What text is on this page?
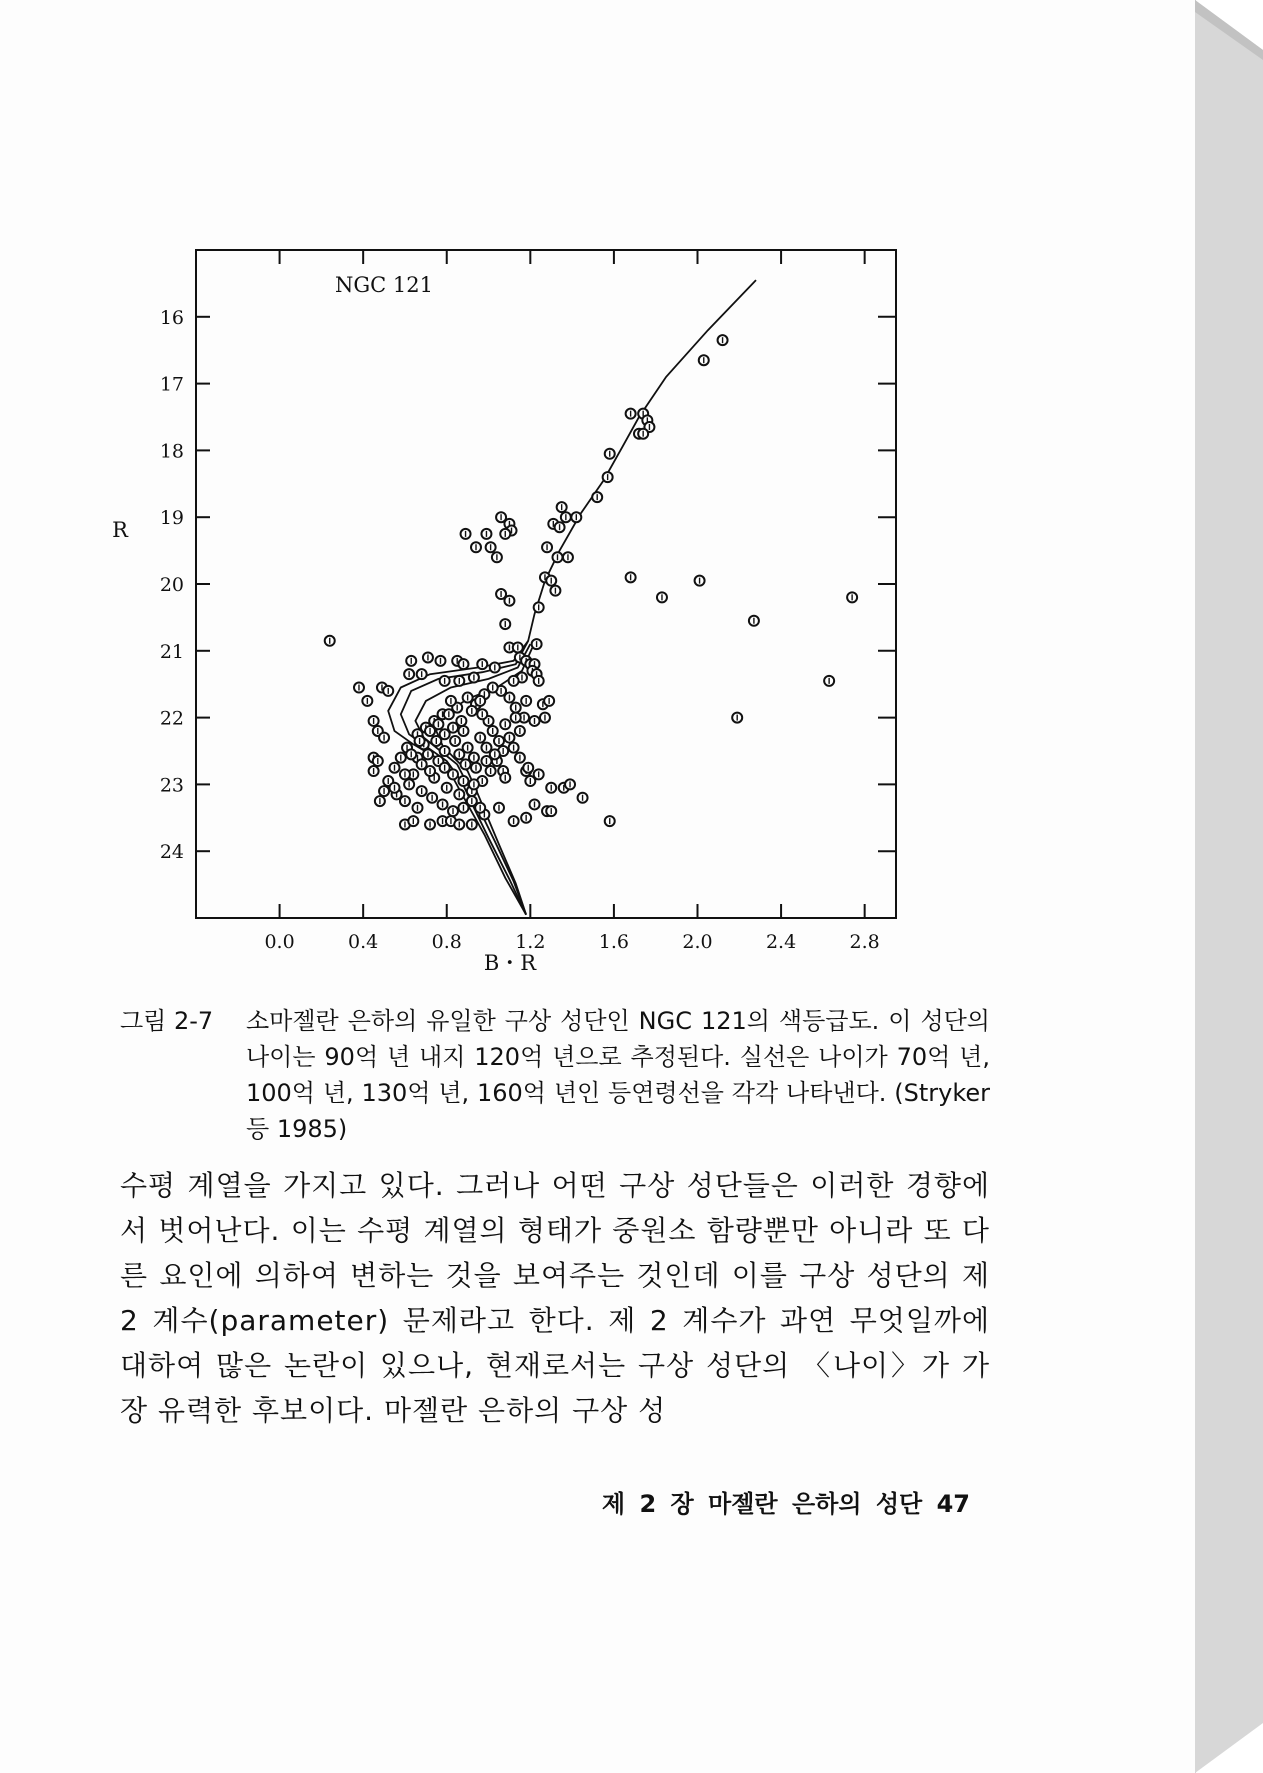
NGC 121
0.0	0.4	0.8	1.2	1.6	2.0	2.4	2.8
16
17
18
19
20
21
22
23
24
B・R
R
그림 2-7	소마젤란 은하의 유일한 구상 성단인 NGC 121의 색등급도. 이 성단의 나이는 90억 년 내지 120억 년으로 추정된다. 실선은 나이가 70억 년, 100억 년, 130억 년, 160억 년인 등연령선을 각각 나타낸다. (Stryker 등 1985)
수평 계열을 가지고 있다. 그러나 어떤 구상 성단들은 이러한 경향에서 벗어난다. 이는 수평 계열의 형태가 중원소 함량뿐만 아니라 또 다른 요인에 의하여 변하는 것을 보여주는 것인데 이를 구상 성단의 제 2 계수(parameter) 문제라고 한다. 제 2 계수가 과연 무엇일까에 대하여 많은 논란이 있으나, 현재로서는 구상 성단의 〈나이〉가 가장 유력한 후보이다. 마젤란 은하의 구상 성
제 2 장 마젤란 은하의 성단 47
